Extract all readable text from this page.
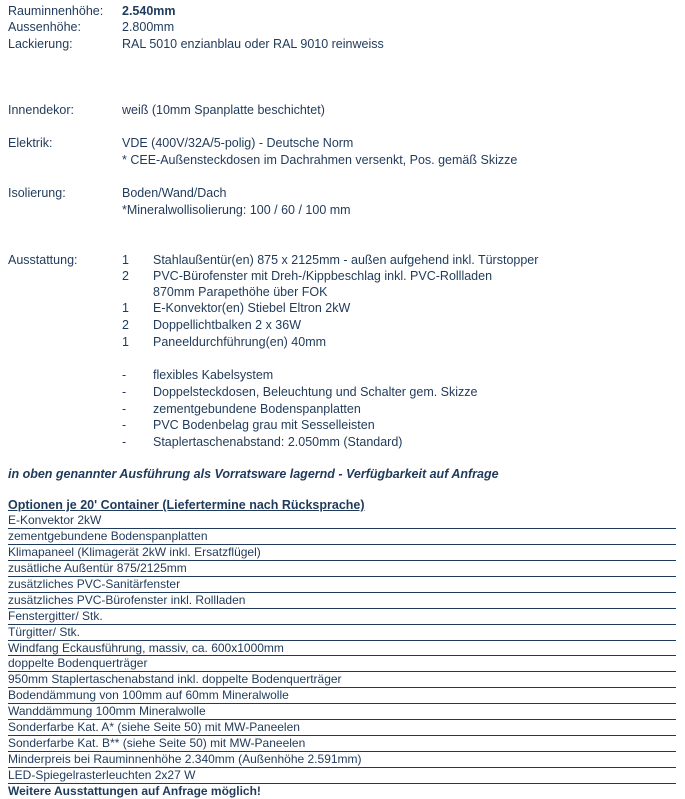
Rauminnenhöhe: 2.540mm
Aussenhöhe:	2.800mm
Lackierung:	RAL 5010 enzianblau oder RAL 9010 reinweiss
Innendekor:	weiß (10mm Spanplatte beschichtet)
Elektrik:	VDE (400V/32A/5-polig) - Deutsche Norm
* CEE-Außensteckdosen im Dachrahmen versenkt, Pos. gemäß Skizze
Isolierung:	Boden/Wand/Dach
*Mineralwollisolierung: 100 / 60 / 100 mm
Ausstattung:	1 Stahlaußentür(en) 875 x 2125mm - außen aufgehend inkl. Türstopper
2 PVC-Bürofenster mit Dreh-/Kippbeschlag inkl. PVC-Rollladen
870mm Parapethöhe über FOK
1 E-Konvektor(en) Stiebel Eltron 2kW
2 Doppellichtbalken 2 x 36W
1 Paneeldurchführung(en) 40mm
- flexibles Kabelsystem
- Doppelsteckdosen, Beleuchtung und Schalter gem. Skizze
- zementgebundene Bodenspanplatten
- PVC Bodenbelag grau mit Sesselleisten
- Staplertaschenabstand: 2.050mm (Standard)
in oben genannter Ausführung als Vorratsware lagernd - Verfügbarkeit auf Anfrage
Optionen je 20' Container (Liefertermine nach Rücksprache)
E-Konvektor 2kW
zementgebundene Bodenspanplatten
Klimapaneel (Klimagerät 2kW inkl. Ersatzflügel)
zusätliche Außentür 875/2125mm
zusätzliches PVC-Sanitärfenster
zusätzliches PVC-Bürofenster inkl. Rollladen
Fenstergitter/ Stk.
Türgitter/ Stk.
Windfang Eckausführung, massiv, ca. 600x1000mm
doppelte Bodenquerträger
950mm Staplertaschenabstand inkl. doppelte Bodenquerträger
Bodendämmung von 100mm auf 60mm Mineralwolle
Wanddämmung 100mm Mineralwolle
Sonderfarbe Kat. A* (siehe Seite 50) mit MW-Paneelen
Sonderfarbe Kat. B** (siehe Seite 50) mit MW-Paneelen
Minderpreis bei Rauminnenhöhe 2.340mm (Außenhöhe 2.591mm)
LED-Spiegelrasterleuchten 2x27 W
Weitere Ausstattungen auf Anfrage möglich!
